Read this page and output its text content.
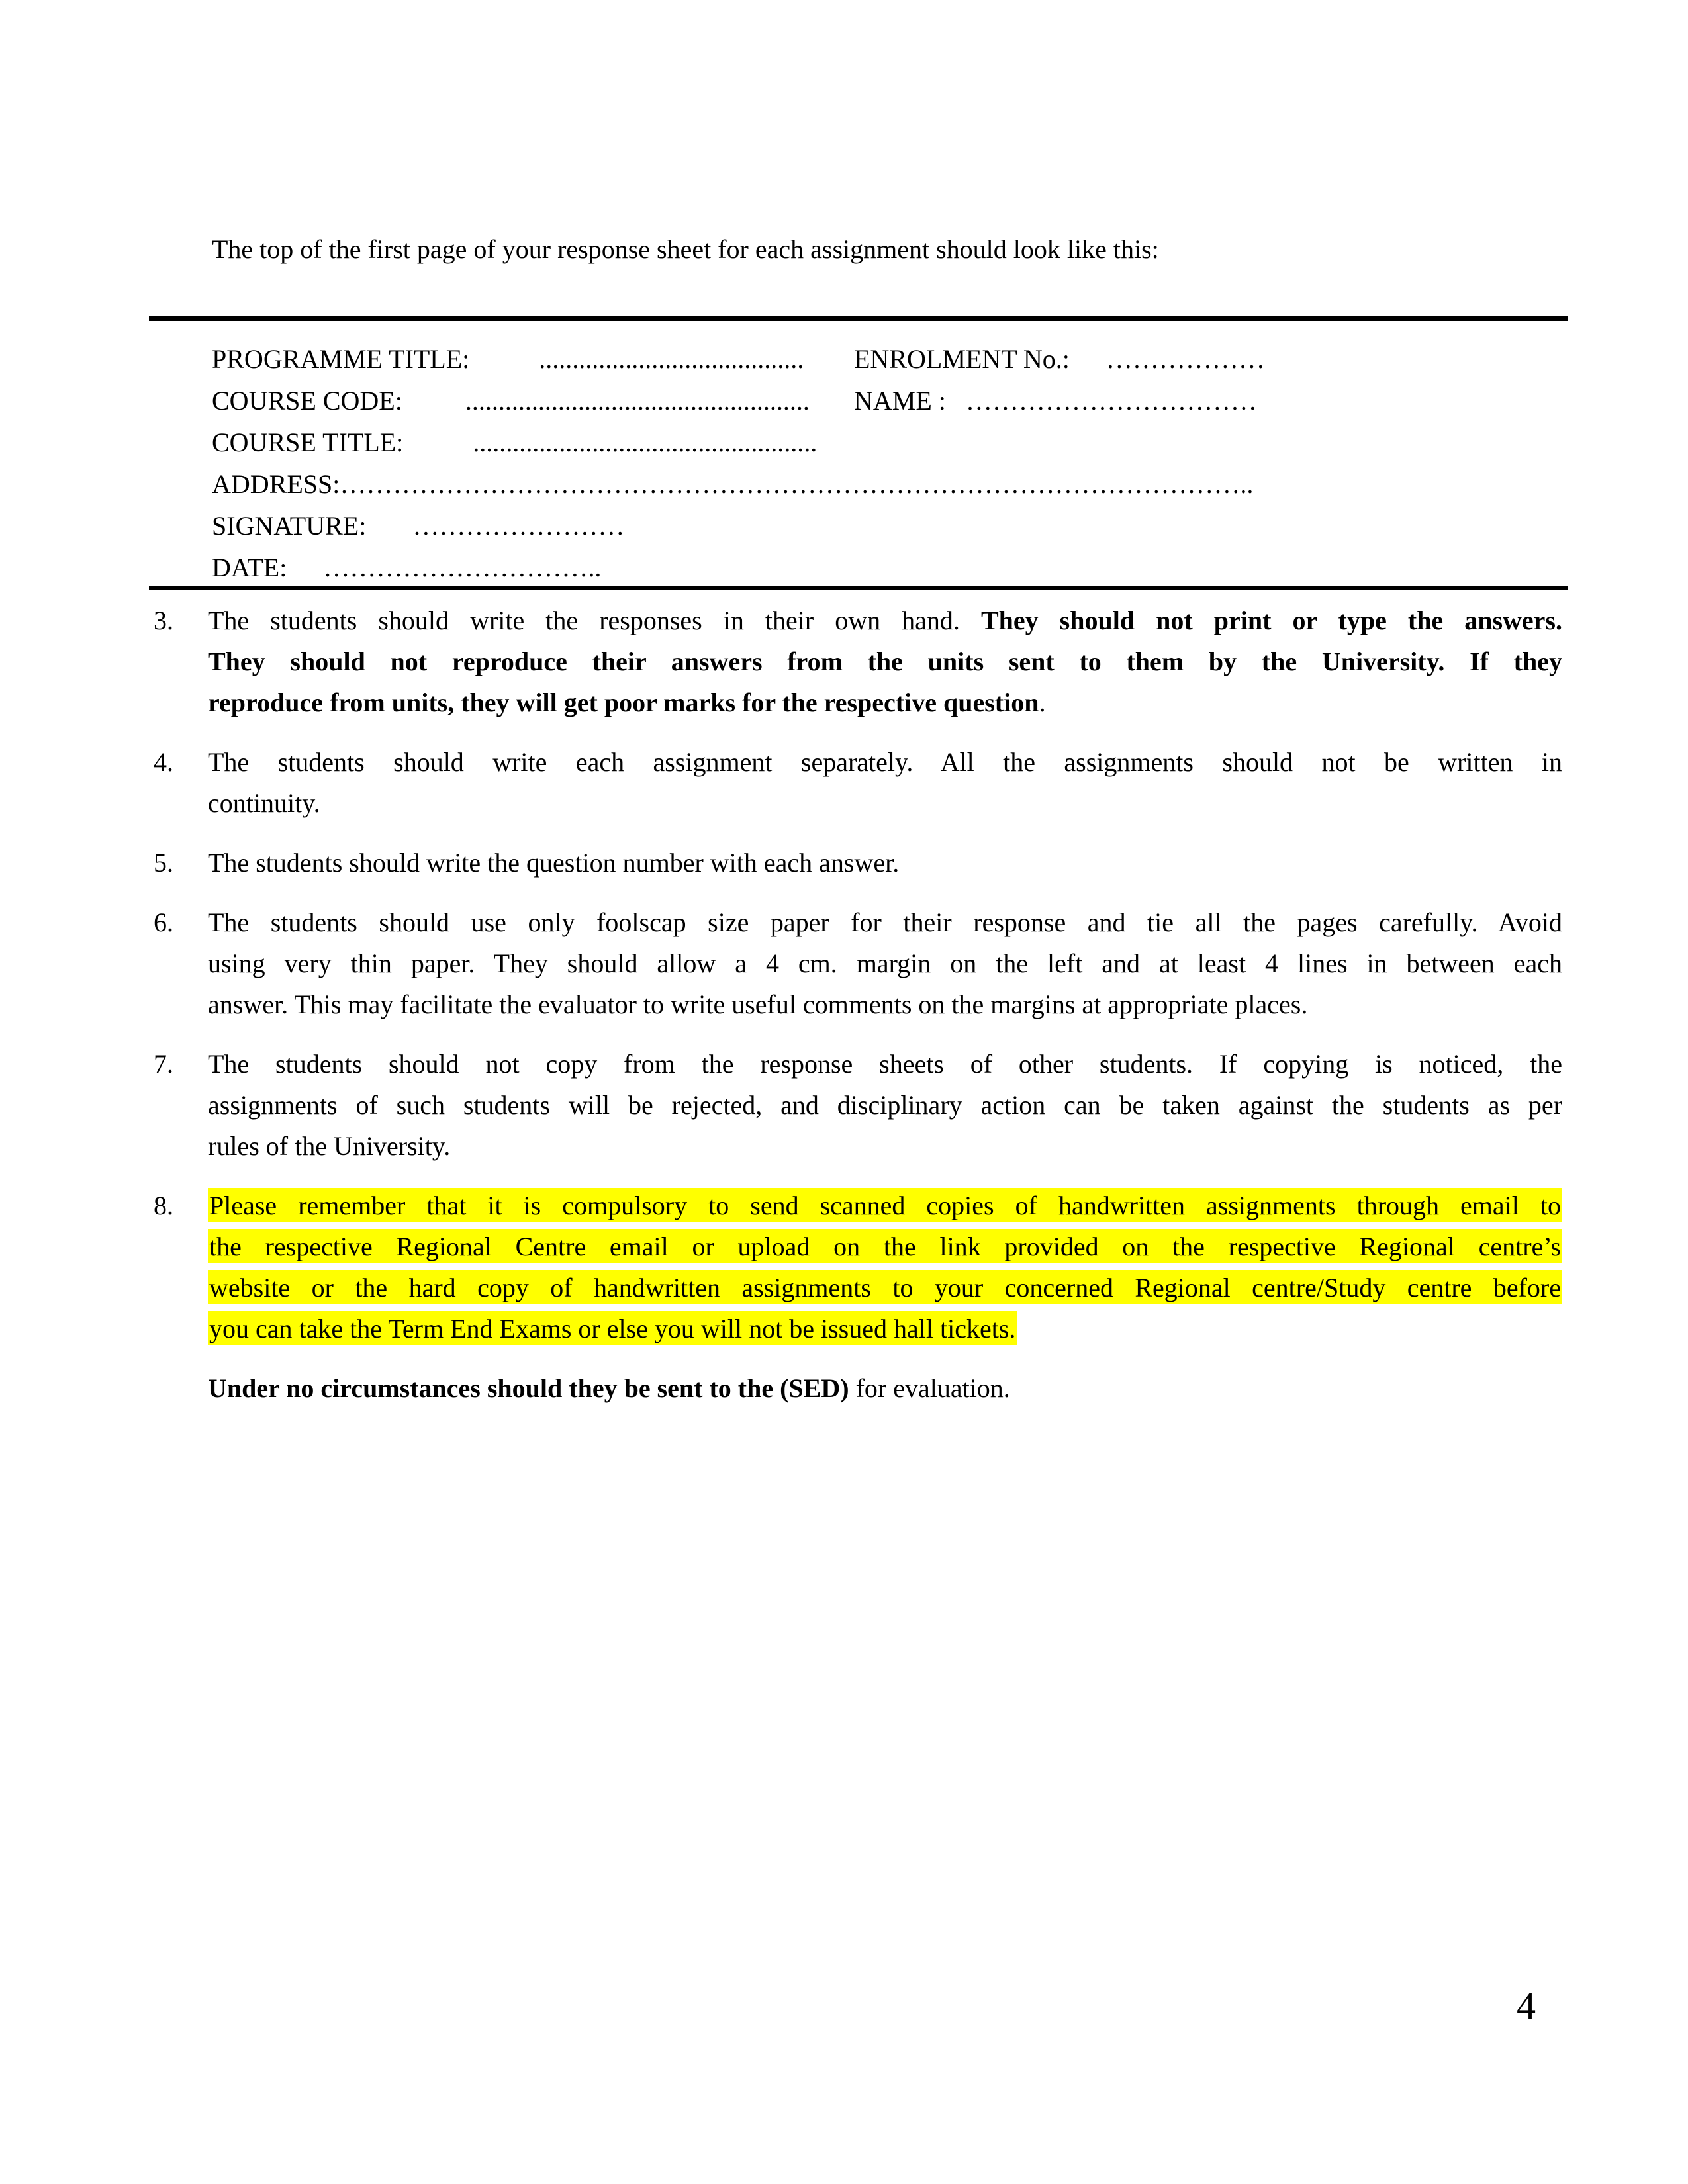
The top of the first page of your response sheet for each assignment should look like this:
PROGRAMME TITLE:	........................................	ENROLMENT No.: ………………
COURSE CODE: ....................................................	NAME : ……………………………
COURSE TITLE:	....................................................
ADDRESS:…………………………………………………………………………………………..
SIGNATURE: ……………………
DATE: …………………………..
3. The students should write the responses in their own hand. They should not print or type the answers.
They should not reproduce their answers from the units sent to them by the University. If they
reproduce from units, they will get poor marks for the respective question.
4. The students should write each assignment separately. All the assignments should not be written in
continuity.
5. The students should write the question number with each answer.
6. The students should use only foolscap size paper for their response and tie all the pages carefully. Avoid
using very thin paper. They should allow a 4 cm. margin on the left and at least 4 lines in between each
answer. This may facilitate the evaluator to write useful comments on the margins at appropriate places.
7. The students should not copy from the response sheets of other students. If copying is noticed, the
assignments of such students will be rejected, and disciplinary action can be taken against the students as per
rules of the University.
8. Please remember that it is compulsory to send scanned copies of handwritten assignments through email to
the respective Regional Centre email or upload on the link provided on the respective Regional centre’s
website or the hard copy of handwritten assignments to your concerned Regional centre/Study centre before
you can take the Term End Exams or else you will not be issued hall tickets.
Under no circumstances should they be sent to the (SED) for evaluation.
4
